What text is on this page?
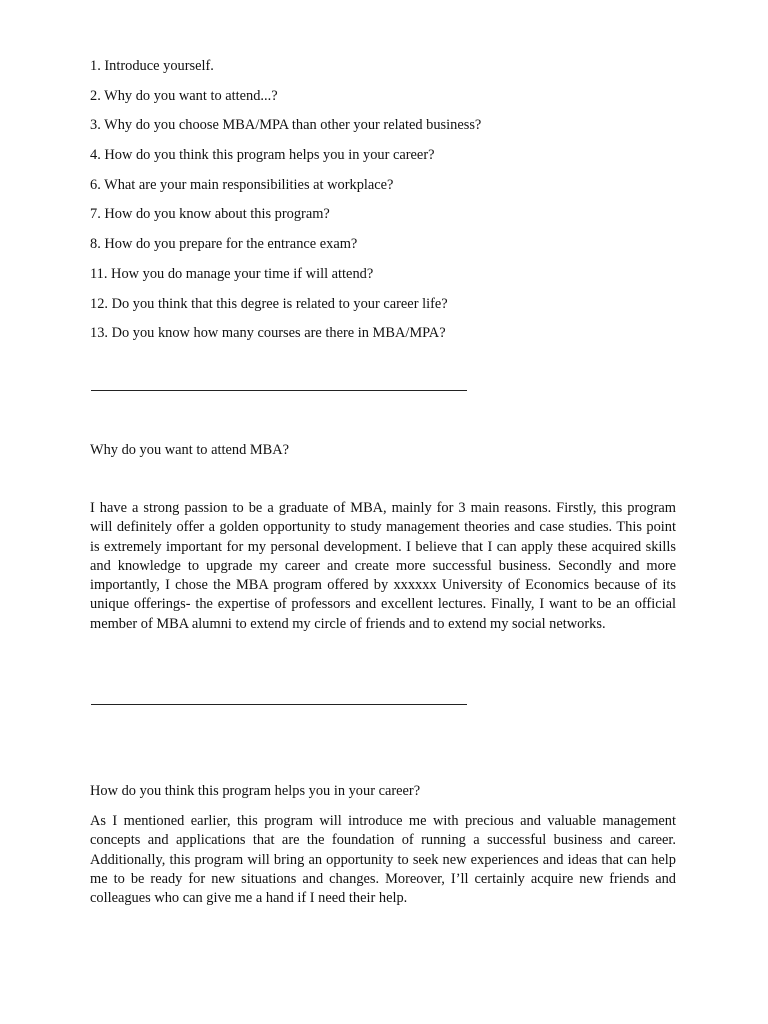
1. Introduce yourself.
2. Why do you want to attend...?
3. Why do you choose MBA/MPA than other your related business?
4. How do you think this program helps you in your career?
6. What are your main responsibilities at workplace?
7. How do you know about this program?
8. How do you prepare for the entrance exam?
11. How you do manage your time if will attend?
12. Do you think that this degree is related to your career life?
13. Do you know how many courses are there in MBA/MPA?
Why do you want to attend MBA?

I have a strong passion to be a graduate of MBA, mainly for 3 main reasons. Firstly, this program will definitely offer a golden opportunity to study management theories and case studies. This point is extremely important for my personal development. I believe that I can apply these acquired skills and knowledge to upgrade my career and create more successful business. Secondly and more importantly, I chose the MBA program offered by xxxxxx University of Economics because of its unique offerings- the expertise of professors and excellent lectures. Finally, I want to be an official member of MBA alumni to extend my circle of friends and to extend my social networks.

How do you think this program helps you in your career?

As I mentioned earlier, this program will introduce me with precious and valuable management concepts and applications that are the foundation of running a successful business and career. Additionally, this program will bring an opportunity to seek new experiences and ideas that can help me to be ready for new situations and changes. Moreover, I’ll certainly acquire new friends and colleagues who can give me a hand if I need their help.
